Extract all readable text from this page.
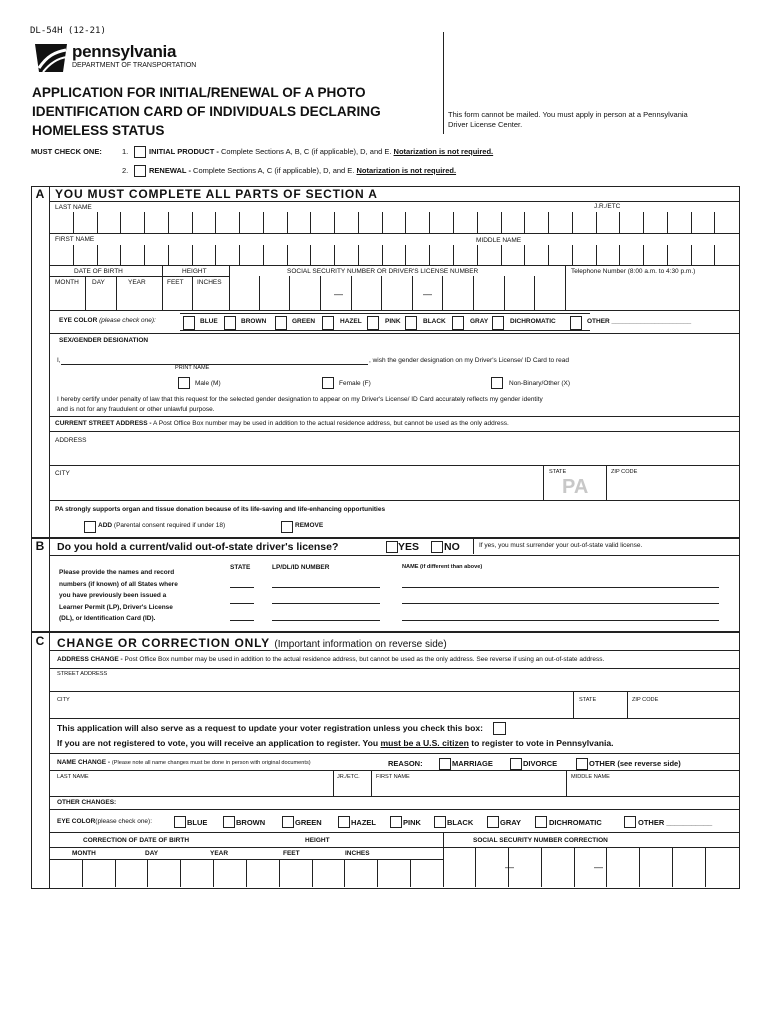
DL-54H (12-21)
pennsylvania
DEPARTMENT OF TRANSPORTATION
APPLICATION FOR INITIAL/RENEWAL OF A PHOTO
IDENTIFICATION CARD OF INDIVIDUALS DECLARING
HOMELESS STATUS
This form cannot be mailed. You must apply in person at a Pennsylvania
Driver License Center.
MUST CHECK ONE:	1.	INITIAL PRODUCT - Complete Sections A, B, C (if applicable), D, and E. Notarization is not required.
2.	RENEWAL - Complete Sections A, C (if applicable), D, and E. Notarization is not required.
A YOU MUST COMPLETE ALL PARTS OF SECTION A
LAST NAME	J.R./ETC
FIRST NAME	MIDDLE NAME
DATE OF BIRTH	HEIGHT	SOCIAL SECURITY NUMBER OR DRIVER'S LICENSE NUMBER	Telephone Number (8:00 a.m. to 4:30 p.m.)
MONTH DAY	YEAR	FEET INCHES
—	—
EYE COLOR (please check one):	BLUE	BROWN	GREEN	HAZEL	PINK	BLACK	GRAY	DICHROMATIC	OTHER ______________________
SEX/GENDER DESIGNATION
I,	, wish the gender designation on my Driver's License/ ID Card to read
PRINT NAME
Male (M)	Female (F)	Non-Binary/Other (X)
I hereby certify under penalty of law that this request for the selected gender designation to appear on my Driver's License/ ID Card accurately reflects my gender identity
and is not for any fraudulent or other unlawful purpose.
CURRENT STREET ADDRESS - A Post Office Box number may be used in addition to the actual residence address, but cannot be used as the only address.
ADDRESS
CITY	STATE
PA
ZIP CODE
PA strongly supports organ and tissue donation because of its life-saving and life-enhancing opportunities
ADD (Parental consent required if under 18)	REMOVE
B	Do you hold a current/valid out-of-state driver's license?	YES NO	If yes, you must surrender your out-of-state valid license.
Please provide the names and record
numbers (if known) of all States where
you have previously been issued a
Learner Permit (LP), Driver's License
(DL), or Identification Card (ID).
STATE	LP/DL/ID NUMBER	NAME (if different than above)
C	CHANGE OR CORRECTION ONLY (Important information on reverse side)
ADDRESS CHANGE - Post Office Box number may be used in addition to the actual residence address, but cannot be used as the only address. See reverse if using an out-of-state address.
STREET ADDRESS
CITY	STATE	ZIP CODE
This application will also serve as a request to update your voter registration unless you check this box:
If you are not registered to vote, you will receive an application to register. You must be a U.S. citizen to register to vote in Pennsylvania.
NAME CHANGE - (Please note all name changes must be done in person with original documents)	REASON:	MARRIAGE	DIVORCE	OTHER (see reverse side)
LAST NAME	JR./ETC.	FIRST NAME	MIDDLE NAME
OTHER CHANGES:
EYE COLOR(please check one):	BLUE	BROWN	GREEN	HAZEL	PINK	BLACK	GRAY	DICHROMATIC	OTHER ___________
CORRECTION OF DATE OF BIRTH	HEIGHT	SOCIAL SECURITY NUMBER CORRECTION
MONTH	DAY	YEAR	FEET	INCHES
—	—
